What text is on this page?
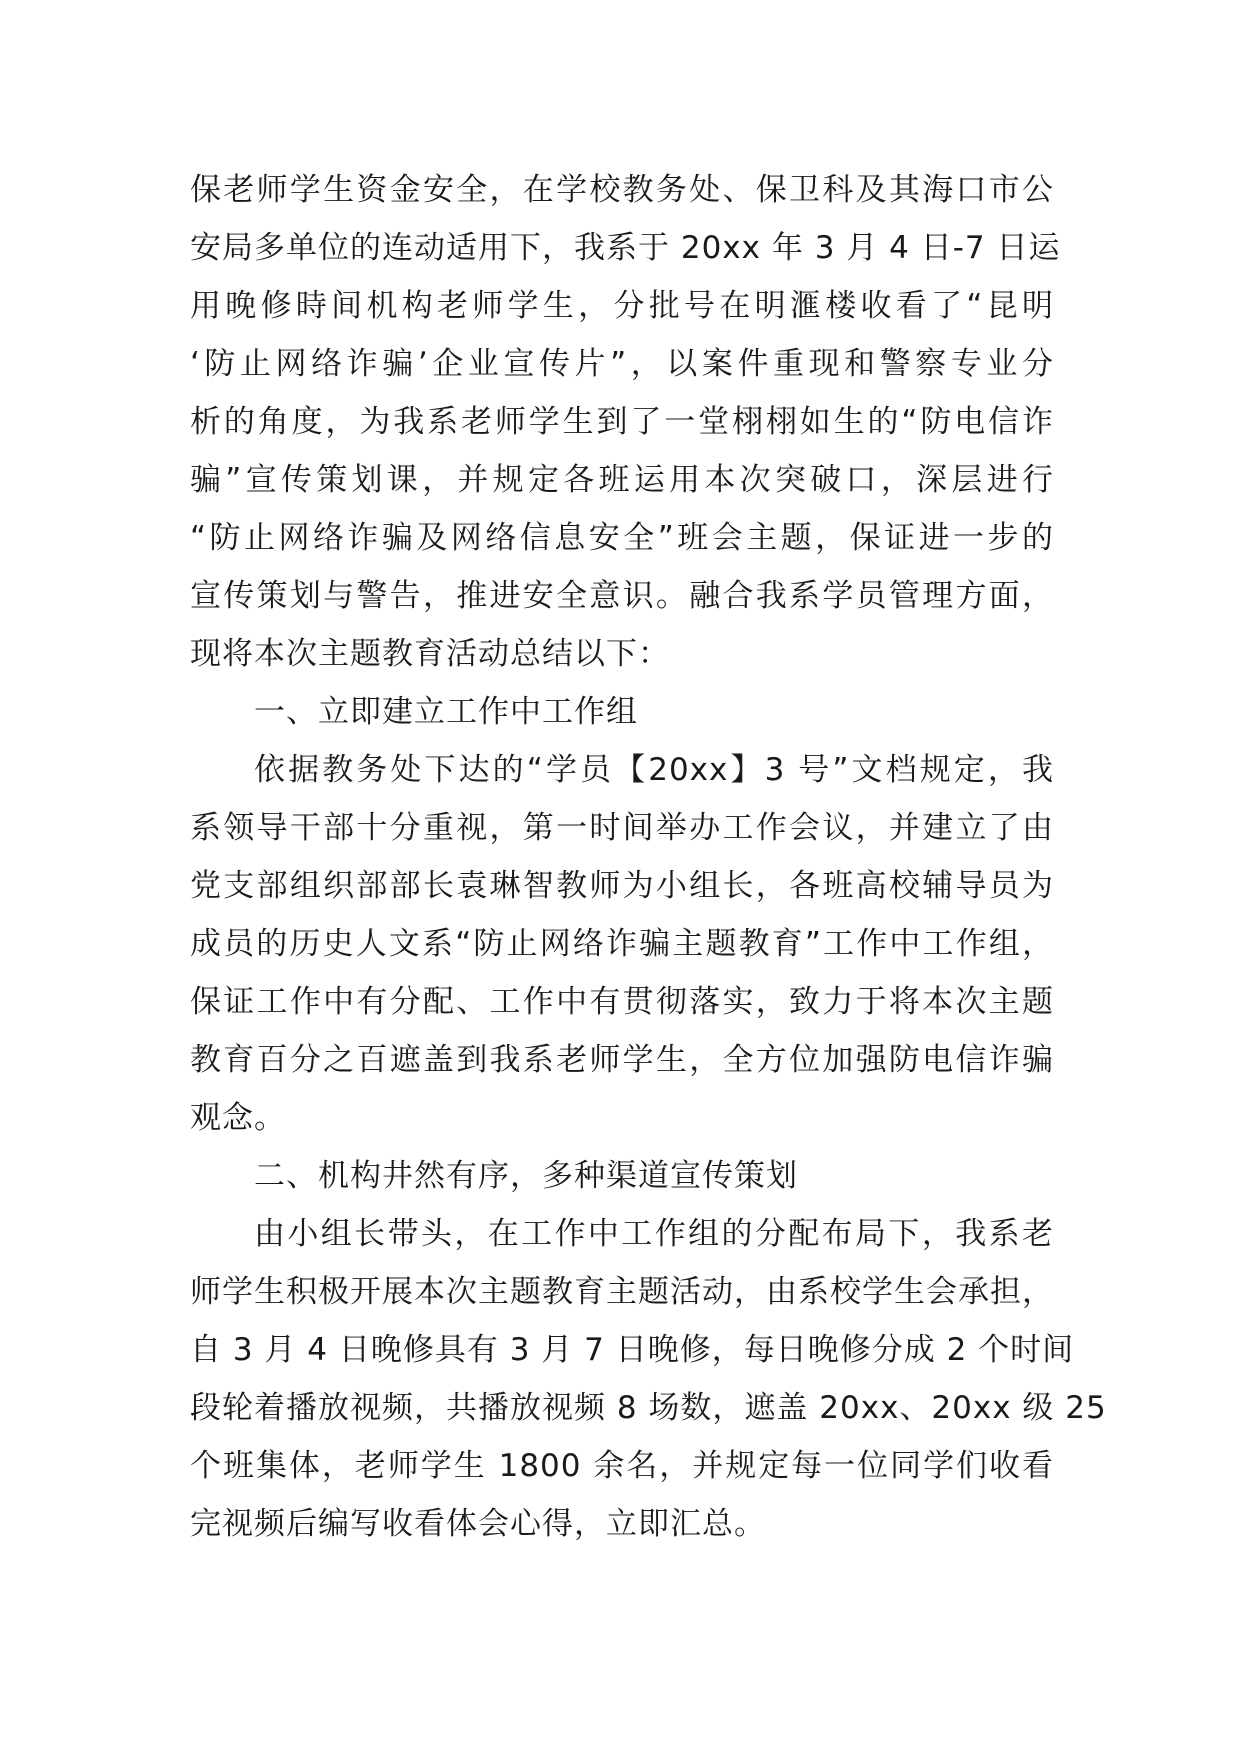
保老师学生资金安全，在学校教务处、保卫科及其海口市公
安局多单位的连动适用下，我系于 20xx 年 3 月 4 日-7 日运
用晚修時间机构老师学生，分批号在明滙楼收看了“昆明
‘防止网络诈骗’企业宣传片”，以案件重现和警察专业分
析的角度，为我系老师学生到了一堂栩栩如生的“防电信诈
骗”宣传策划课，并规定各班运用本次突破口，深层进行
“防止网络诈骗及网络信息安全”班会主题，保证进一步的
宣传策划与警告，推进安全意识。融合我系学员管理方面，
现将本次主题教育活动总结以下：
一、立即建立工作中工作组
依据教务处下达的“学员【20xx】3 号”文档规定，我
系领导干部十分重视，第一时间举办工作会议，并建立了由
党支部组织部部长袁琳智教师为小组长，各班高校辅导员为
成员的历史人文系“防止网络诈骗主题教育”工作中工作组，
保证工作中有分配、工作中有贯彻落实，致力于将本次主题
教育百分之百遮盖到我系老师学生，全方位加强防电信诈骗
观念。
二、机构井然有序，多种渠道宣传策划
由小组长带头，在工作中工作组的分配布局下，我系老
师学生积极开展本次主题教育主题活动，由系校学生会承担，
自 3 月 4 日晚修具有 3 月 7 日晚修，每日晚修分成 2 个时间
段轮着播放视频，共播放视频 8 场数，遮盖 20xx、20xx 级 25
个班集体，老师学生 1800 余名，并规定每一位同学们收看
完视频后编写收看体会心得，立即汇总。
